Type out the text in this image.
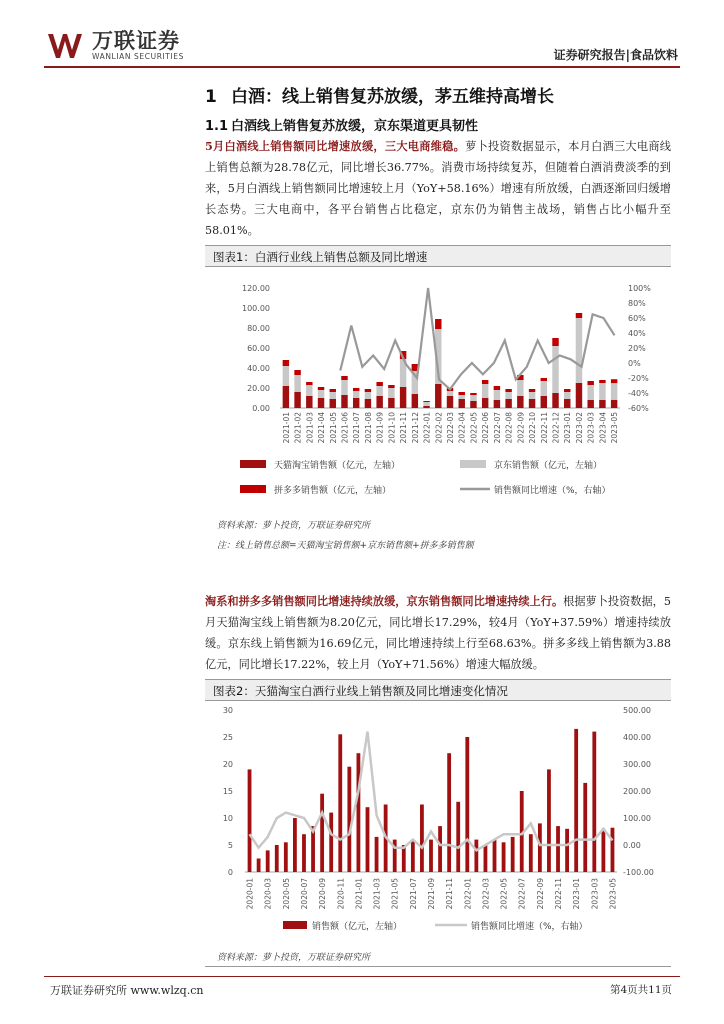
万联证券
WANLIAN SECURITIES	证券研究报告|食品饮料
1 白酒：线上销售复苏放缓，茅五维持高增长
1.1 白酒线上销售复苏放缓，京东渠道更具韧性
5月白酒线上销售额同比增速放缓，三大电商维稳。萝卜投资数据显示，本月白酒三大电商线上销售总额为28.78亿元，同比增长36.77%。消费市场持续复苏，但随着白酒消费淡季的到来，5月白酒线上销售额同比增速较上月（YoY+58.16%）增速有所放缓，白酒逐渐回归缓增长态势。三大电商中，各平台销售占比稳定，京东仍为销售主战场，销售占比小幅升至58.01%。
图表1：白酒行业线上销售总额及同比增速
0.00
20.00
40.00
60.00
80.00
100.00
120.00
-60%
-40%
-20%
0%
20%
40%
60%
80%
100%
2021-01 2021-02 2021-03 2021-04 2021-05 2021-06 2021-07 2021-08 2021-09 2021-10 2021-11 2021-12 2022-01 2022-02 2022-03 2022-04 2022-05 2022-06 2022-07 2022-08 2022-09 2022-10 2022-11 2022-12 2023-01 2023-02 2023-03 2023-04 2023-05
天猫淘宝销售额（亿元，左轴）	京东销售额（亿元，左轴）
拼多多销售额（亿元，左轴）	销售额同比增速（%，右轴）
资料来源：萝卜投资，万联证券研究所
注：线上销售总额=天猫淘宝销售额+京东销售额+拼多多销售额
淘系和拼多多销售额同比增速持续放缓，京东销售额同比增速持续上行。根据萝卜投资数据，5月天猫淘宝线上销售额为8.20亿元，同比增长17.29%，较4月（YoY+37.59%）增速持续放缓。京东线上销售额为16.69亿元，同比增速持续上行至68.63%。拼多多线上销售额为3.88亿元，同比增长17.22%，较上月（YoY+71.56%）增速大幅放缓。
图表2：天猫淘宝白酒行业线上销售额及同比增速变化情况
0
5
10
15
20
25
30
-100.00
0.00
100.00
200.00
300.00
400.00
500.00
2020-01 2020-03 2020-05 2020-07 2020-09 2020-11 2021-01 2021-03 2021-05 2021-07 2021-09 2021-11 2022-01 2022-03 2022-05 2022-07 2022-09 2022-11 2023-01 2023-03 2023-05
销售额（亿元，左轴）	销售额同比增速（%，右轴）
资料来源：萝卜投资，万联证券研究所
万联证券研究所 www.wlzq.cn	第4页共11页
